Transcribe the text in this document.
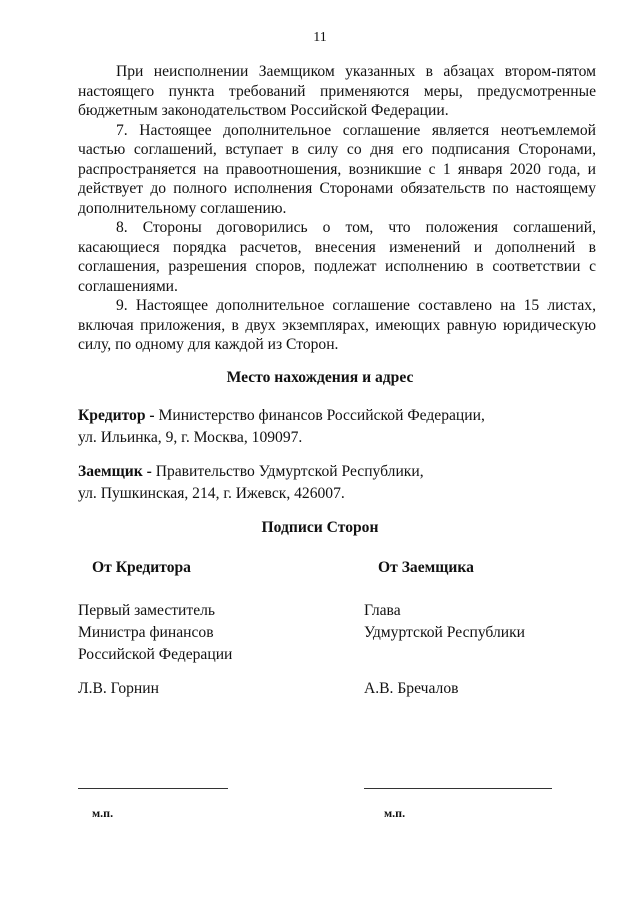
11

При неисполнении Заемщиком указанных в абзацах втором-пятом настоящего пункта требований применяются меры, предусмотренные бюджетным законодательством Российской Федерации.

7. Настоящее дополнительное соглашение является неотъемлемой частью соглашений, вступает в силу со дня его подписания Сторонами, распространяется на правоотношения, возникшие с 1 января 2020 года, и действует до полного исполнения Сторонами обязательств по настоящему дополнительному соглашению.

8. Стороны договорились о том, что положения соглашений, касающиеся порядка расчетов, внесения изменений и дополнений в соглашения, разрешения споров, подлежат исполнению в соответствии с соглашениями.

9. Настоящее дополнительное соглашение составлено на 15 листах, включая приложения, в двух экземплярах, имеющих равную юридическую силу, по одному для каждой из Сторон.

Место нахождения и адрес
Кредитор - Министерство финансов Российской Федерации,
ул. Ильинка, 9, г. Москва, 109097.
Заемщик - Правительство Удмуртской Республики,
ул. Пушкинская, 214, г. Ижевск, 426007.
Подписи Сторон
От Кредитора
Первый заместитель
Министра финансов
Российской Федерации
Л.В. Горнин
м.п.
От Заемщика
Глава
Удмуртской Республики
А.В. Бречалов
м.п.
